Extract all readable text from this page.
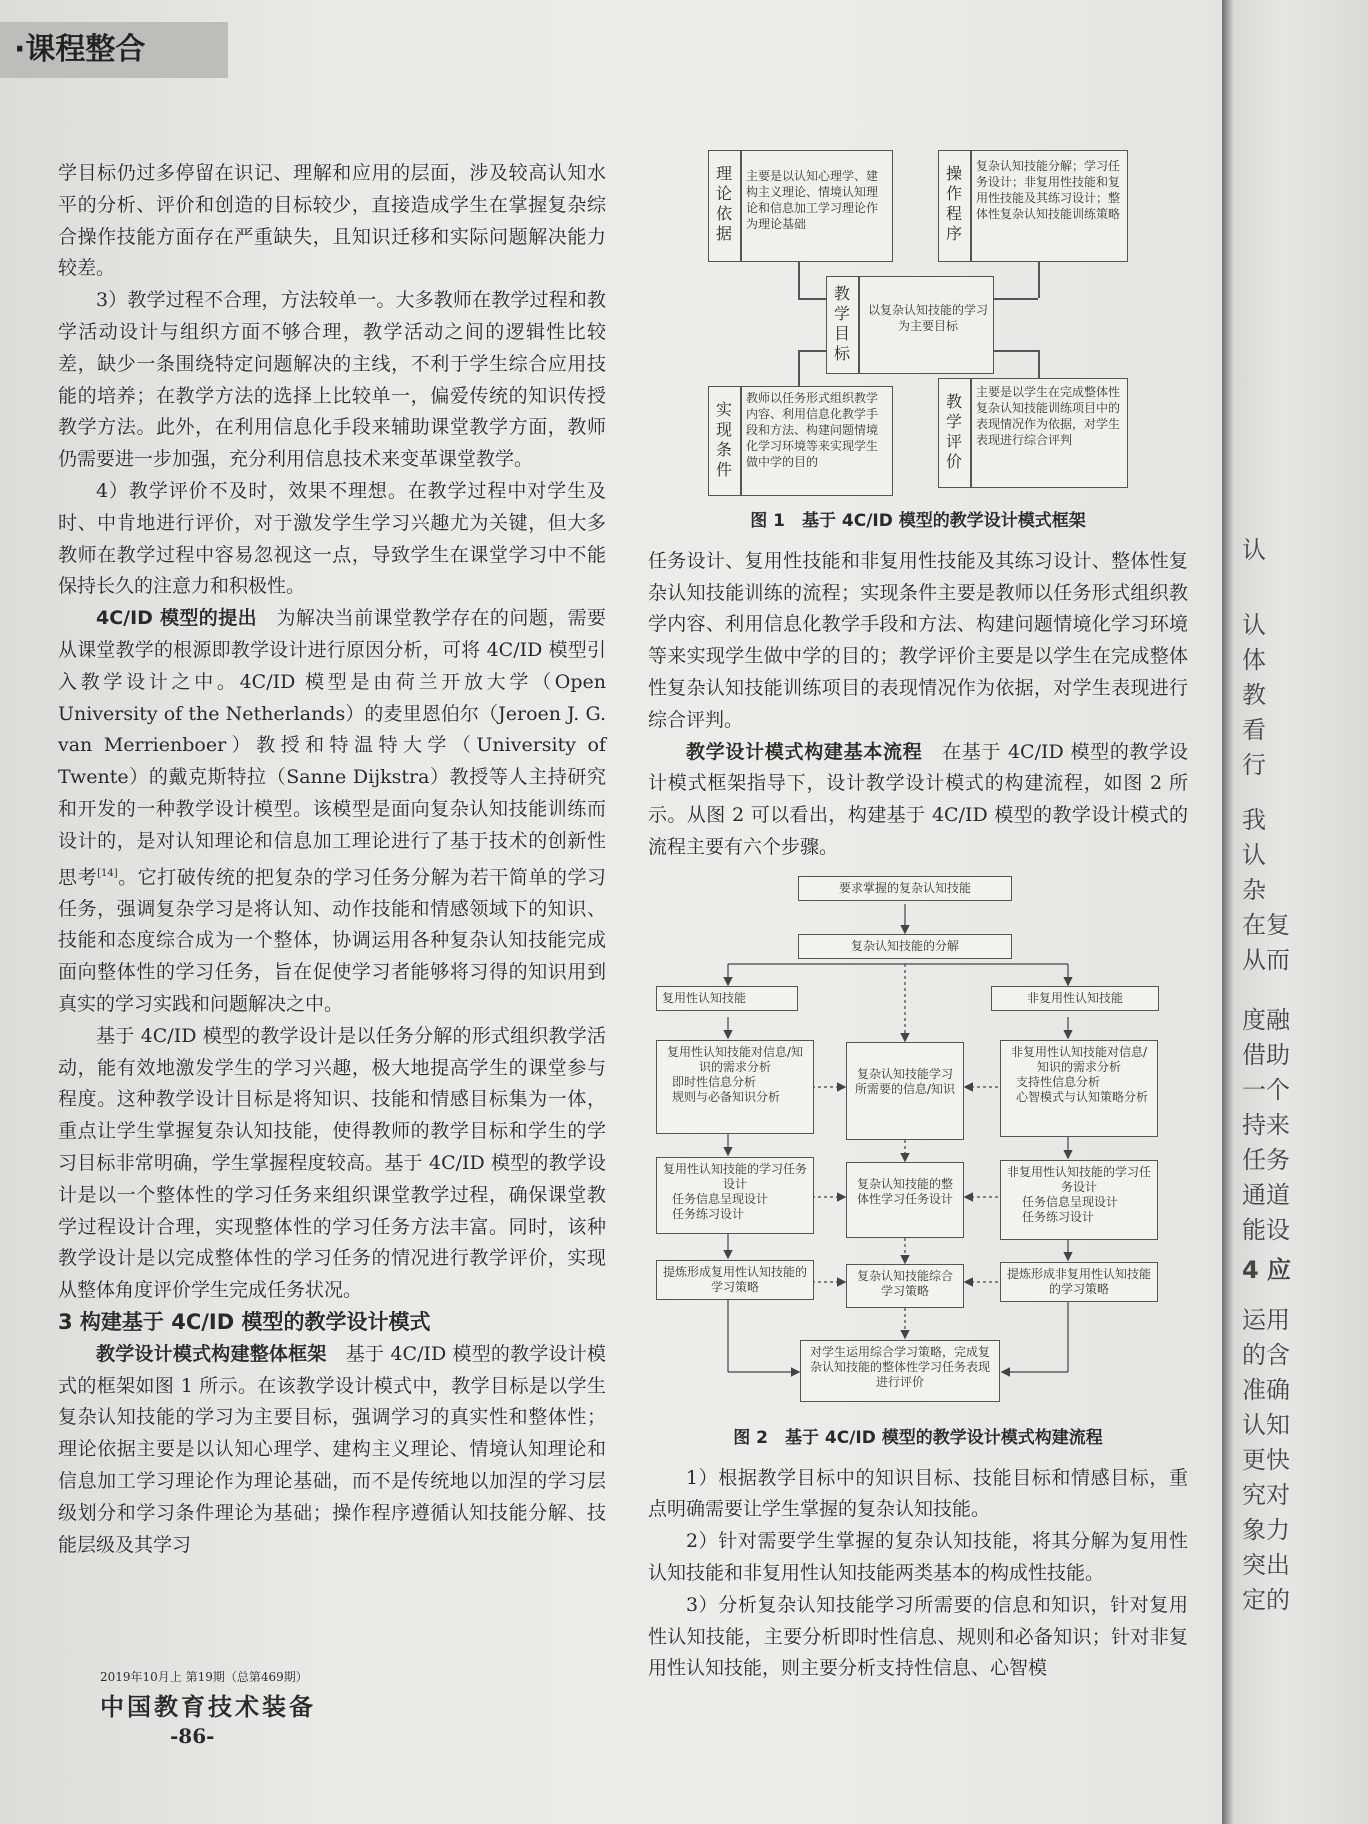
·课程整合

学目标仍过多停留在识记、理解和应用的层面，涉及较高认知水平的分析、评价和创造的目标较少，直接造成学生在掌握复杂综合操作技能方面存在严重缺失，且知识迁移和实际问题解决能力较差。

3）教学过程不合理，方法较单一。大多教师在教学过程和教学活动设计与组织方面不够合理，教学活动之间的逻辑性比较差，缺少一条围绕特定问题解决的主线，不利于学生综合应用技能的培养；在教学方法的选择上比较单一，偏爱传统的知识传授教学方法。此外，在利用信息化手段来辅助课堂教学方面，教师仍需要进一步加强，充分利用信息技术来变革课堂教学。

4）教学评价不及时，效果不理想。在教学过程中对学生及时、中肯地进行评价，对于激发学生学习兴趣尤为关键，但大多教师在教学过程中容易忽视这一点，导致学生在课堂学习中不能保持长久的注意力和积极性。

4C/ID 模型的提出　 为解决当前课堂教学存在的问题，需要从课堂教学的根源即教学设计进行原因分析，可将 4C/ID 模型引入教学设计之中。4C/ID 模型是由荷兰开放大学（Open University of the Netherlands）的麦里恩伯尔（Jeroen J. G. van Merrienboer）教授和特温特大学（University of Twente）的戴克斯特拉（Sanne Dijkstra）教授等人主持研究和开发的一种教学设计模型。该模型是面向复杂认知技能训练而设计的，是对认知理论和信息加工理论进行了基于技术的创新性思考[14]。它打破传统的把复杂的学习任务分解为若干简单的学习任务，强调复杂学习是将认知、动作技能和情感领域下的知识、技能和态度综合成为一个整体，协调运用各种复杂认知技能完成面向整体性的学习任务，旨在促使学习者能够将习得的知识用到真实的学习实践和问题解决之中。

基于 4C/ID 模型的教学设计是以任务分解的形式组织教学活动，能有效地激发学生的学习兴趣，极大地提高学生的课堂参与程度。这种教学设计目标是将知识、技能和情感目标集为一体，重点让学生掌握复杂认知技能，使得教师的教学目标和学生的学习目标非常明确，学生掌握程度较高。基于 4C/ID 模型的教学设计是以一个整体性的学习任务来组织课堂教学过程，确保课堂教学过程设计合理，实现整体性的学习任务方法丰富。同时，该种教学设计是以完成整体性的学习任务的情况进行教学评价，实现从整体角度评价学生完成任务状况。

3 构建基于 4C/ID 模型的教学设计模式

教学设计模式构建整体框架　 基于 4C/ID 模型的教学设计模式的框架如图 1 所示。在该教学设计模式中，教学目标是以学生复杂认知技能的学习为主要目标，强调学习的真实性和整体性；理论依据主要是以认知心理学、建构主义理论、情境认知理论和信息加工学习理论作为理论基础，而不是传统地以加涅的学习层级划分和学习条件理论为基础；操作程序遵循认知技能分解、技能层级及其学习

理论依据
主要是以认知心理学、建构主义理论、情境认知理论和信息加工学习理论作为理论基础
操作程序
复杂认知技能分解；学习任务设计；非复用性技能和复用性技能及其练习设计；整体性复杂认知技能训练策略
教学目标
以复杂认知技能的学习为主要目标
实现条件
教师以任务形式组织教学内容、利用信息化教学手段和方法、构建问题情境化学习环境等来实现学生做中学的目的
教学评价
主要是以学生在完成整体性复杂认知技能训练项目中的表现情况作为依据，对学生表现进行综合评判
图 1　基于 4C/ID 模型的教学设计模式框架

任务设计、复用性技能和非复用性技能及其练习设计、整体性复杂认知技能训练的流程；实现条件主要是教师以任务形式组织教学内容、利用信息化教学手段和方法、构建问题情境化学习环境等来实现学生做中学的目的；教学评价主要是以学生在完成整体性复杂认知技能训练项目的表现情况作为依据，对学生表现进行综合评判。

教学设计模式构建基本流程　 在基于 4C/ID 模型的教学设计模式框架指导下，设计教学设计模式的构建流程，如图 2 所示。从图 2 可以看出，构建基于 4C/ID 模型的教学设计模式的流程主要有六个步骤。

要求掌握的复杂认知技能
复杂认知技能的分解
复用性认知技能	非复用性认知技能
复用性认知技能对信息/知识的需求分析
即时性信息分析
规则与必备知识分析
复杂认知技能学习所需要的信息/知识
非复用性认知技能对信息/知识的需求分析
支持性信息分析
心智模式与认知策略分析
复用性认知技能的学习任务设计
任务信息呈现设计
任务练习设计
复杂认知技能的整体性学习任务设计
非复用性认知技能的学习任务设计
任务信息呈现设计
任务练习设计
提炼形成复用性认知技能的学习策略
复杂认知技能综合学习策略
提炼形成非复用性认知技能的学习策略
对学生运用综合学习策略，完成复杂认知技能的整体性学习任务表现进行评价
图 2　基于 4C/ID 模型的教学设计模式构建流程

1）根据教学目标中的知识目标、技能目标和情感目标，重点明确需要让学生掌握的复杂认知技能。

2）针对需要学生掌握的复杂认知技能，将其分解为复用性认知技能和非复用性认知技能两类基本的构成性技能。

3）分析复杂认知技能学习所需要的信息和知识，针对复用性认知技能，主要分析即时性信息、规则和必备知识；针对非复用性认知技能，则主要分析支持性信息、心智模

2019年10月上 第19期（总第469期）
中国教育技术装备
-86-
认
认
体
教
看
行
我
认
杂
在复
从而
度融
借助
一个
持来
任务
通道
能设
4 应
运用
的含
准确
认知
更快
究对
象力
突出
定的
